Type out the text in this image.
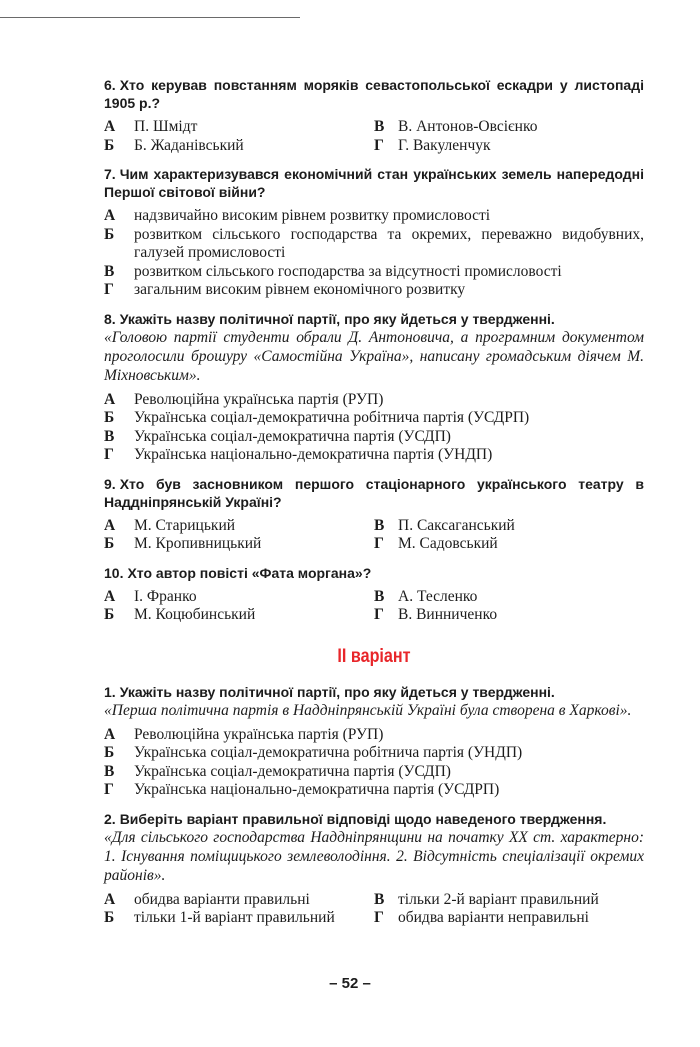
6. Хто керував повстанням моряків севастопольської ескадри у листопаді 1905 р.?
А	П. Шмідт	В В. Антонов-Овсієнко
Б	Б. Жаданівський	Г Г. Вакуленчук
7. Чим характеризувався економічний стан українських земель напередодні Першої світової війни?
А	надзвичайно високим рівнем розвитку промисловості
Б	розвитком сільського господарства та окремих, переважно видобувних, галузей промисловості
В	розвитком сільського господарства за відсутності промисловості
Г	загальним високим рівнем економічного розвитку
8. Укажіть назву політичної партії, про яку йдеться у твердженні.
«Головою партії студенти обрали Д. Антоновича, а програмним документом проголосили брошуру «Самостійна Україна», написану громадським діячем М. Міхновським».
А	Революційна українська партія (РУП)
Б	Українська соціал-демократична робітнича партія (УСДРП)
В	Українська соціал-демократична партія (УСДП)
Г	Українська національно-демократична партія (УНДП)
9. Хто був засновником першого стаціонарного українського театру в Наддніпрянській Україні?
А	М. Старицький	В П. Саксаганський
Б	М. Кропивницький	Г М. Садовський
10. Хто автор повісті «Фата моргана»?
А	І. Франко	В А. Тесленко
Б	М. Коцюбинський	Г В. Винниченко
ІІ варіант
1. Укажіть назву політичної партії, про яку йдеться у твердженні.
«Перша політична партія в Наддніпрянській Україні була створена в Харкові».
А	Революційна українська партія (РУП)
Б	Українська соціал-демократична робітнича партія (УНДП)
В	Українська соціал-демократична партія (УСДП)
Г	Українська національно-демократична партія (УСДРП)
2. Виберіть варіант правильної відповіді щодо наведеного твердження.
«Для сільського господарства Наддніпрянщини на початку ХХ ст. характерно: 1. Існування поміщицького землеволодіння. 2. Відсутність спеціалізації окремих районів».
А	обидва варіанти правильні	В тільки 2-й варіант правильний
Б	тільки 1-й варіант правильний	Г обидва варіанти неправильні
– 52 –
